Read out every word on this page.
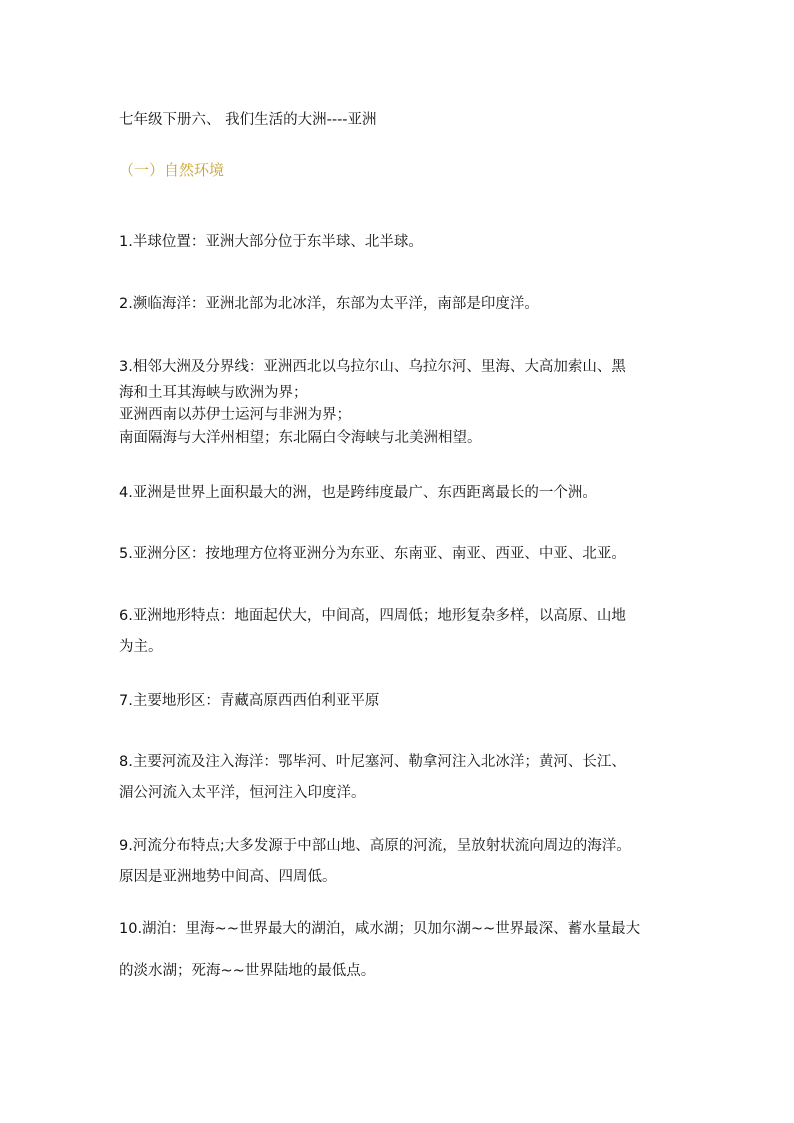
七年级下册六、 我们生活的大洲----亚洲
（一）自然环境
1.半球位置：亚洲大部分位于东半球、北半球。
2.濒临海洋：亚洲北部为北冰洋，东部为太平洋，南部是印度洋。
3.相邻大洲及分界线：亚洲西北以乌拉尔山、乌拉尔河、里海、大高加索山、黑
海和土耳其海峡与欧洲为界；
亚洲西南以苏伊士运河与非洲为界；
南面隔海与大洋州相望；东北隔白令海峡与北美洲相望。
4.亚洲是世界上面积最大的洲，也是跨纬度最广、东西距离最长的一个洲。
5.亚洲分区：按地理方位将亚洲分为东亚、东南亚、南亚、西亚、中亚、北亚。
6.亚洲地形特点：地面起伏大，中间高，四周低；地形复杂多样，以高原、山地
为主。
7.主要地形区：青藏高原西西伯利亚平原
8.主要河流及注入海洋：鄂毕河、叶尼塞河、勒拿河注入北冰洋；黄河、长江、
湄公河流入太平洋，恒河注入印度洋。
9.河流分布特点;大多发源于中部山地、高原的河流，呈放射状流向周边的海洋。
原因是亚洲地势中间高、四周低。
10.湖泊：里海~~世界最大的湖泊，咸水湖；贝加尔湖~~世界最深、蓄水量最大
的淡水湖；死海~~世界陆地的最低点。
